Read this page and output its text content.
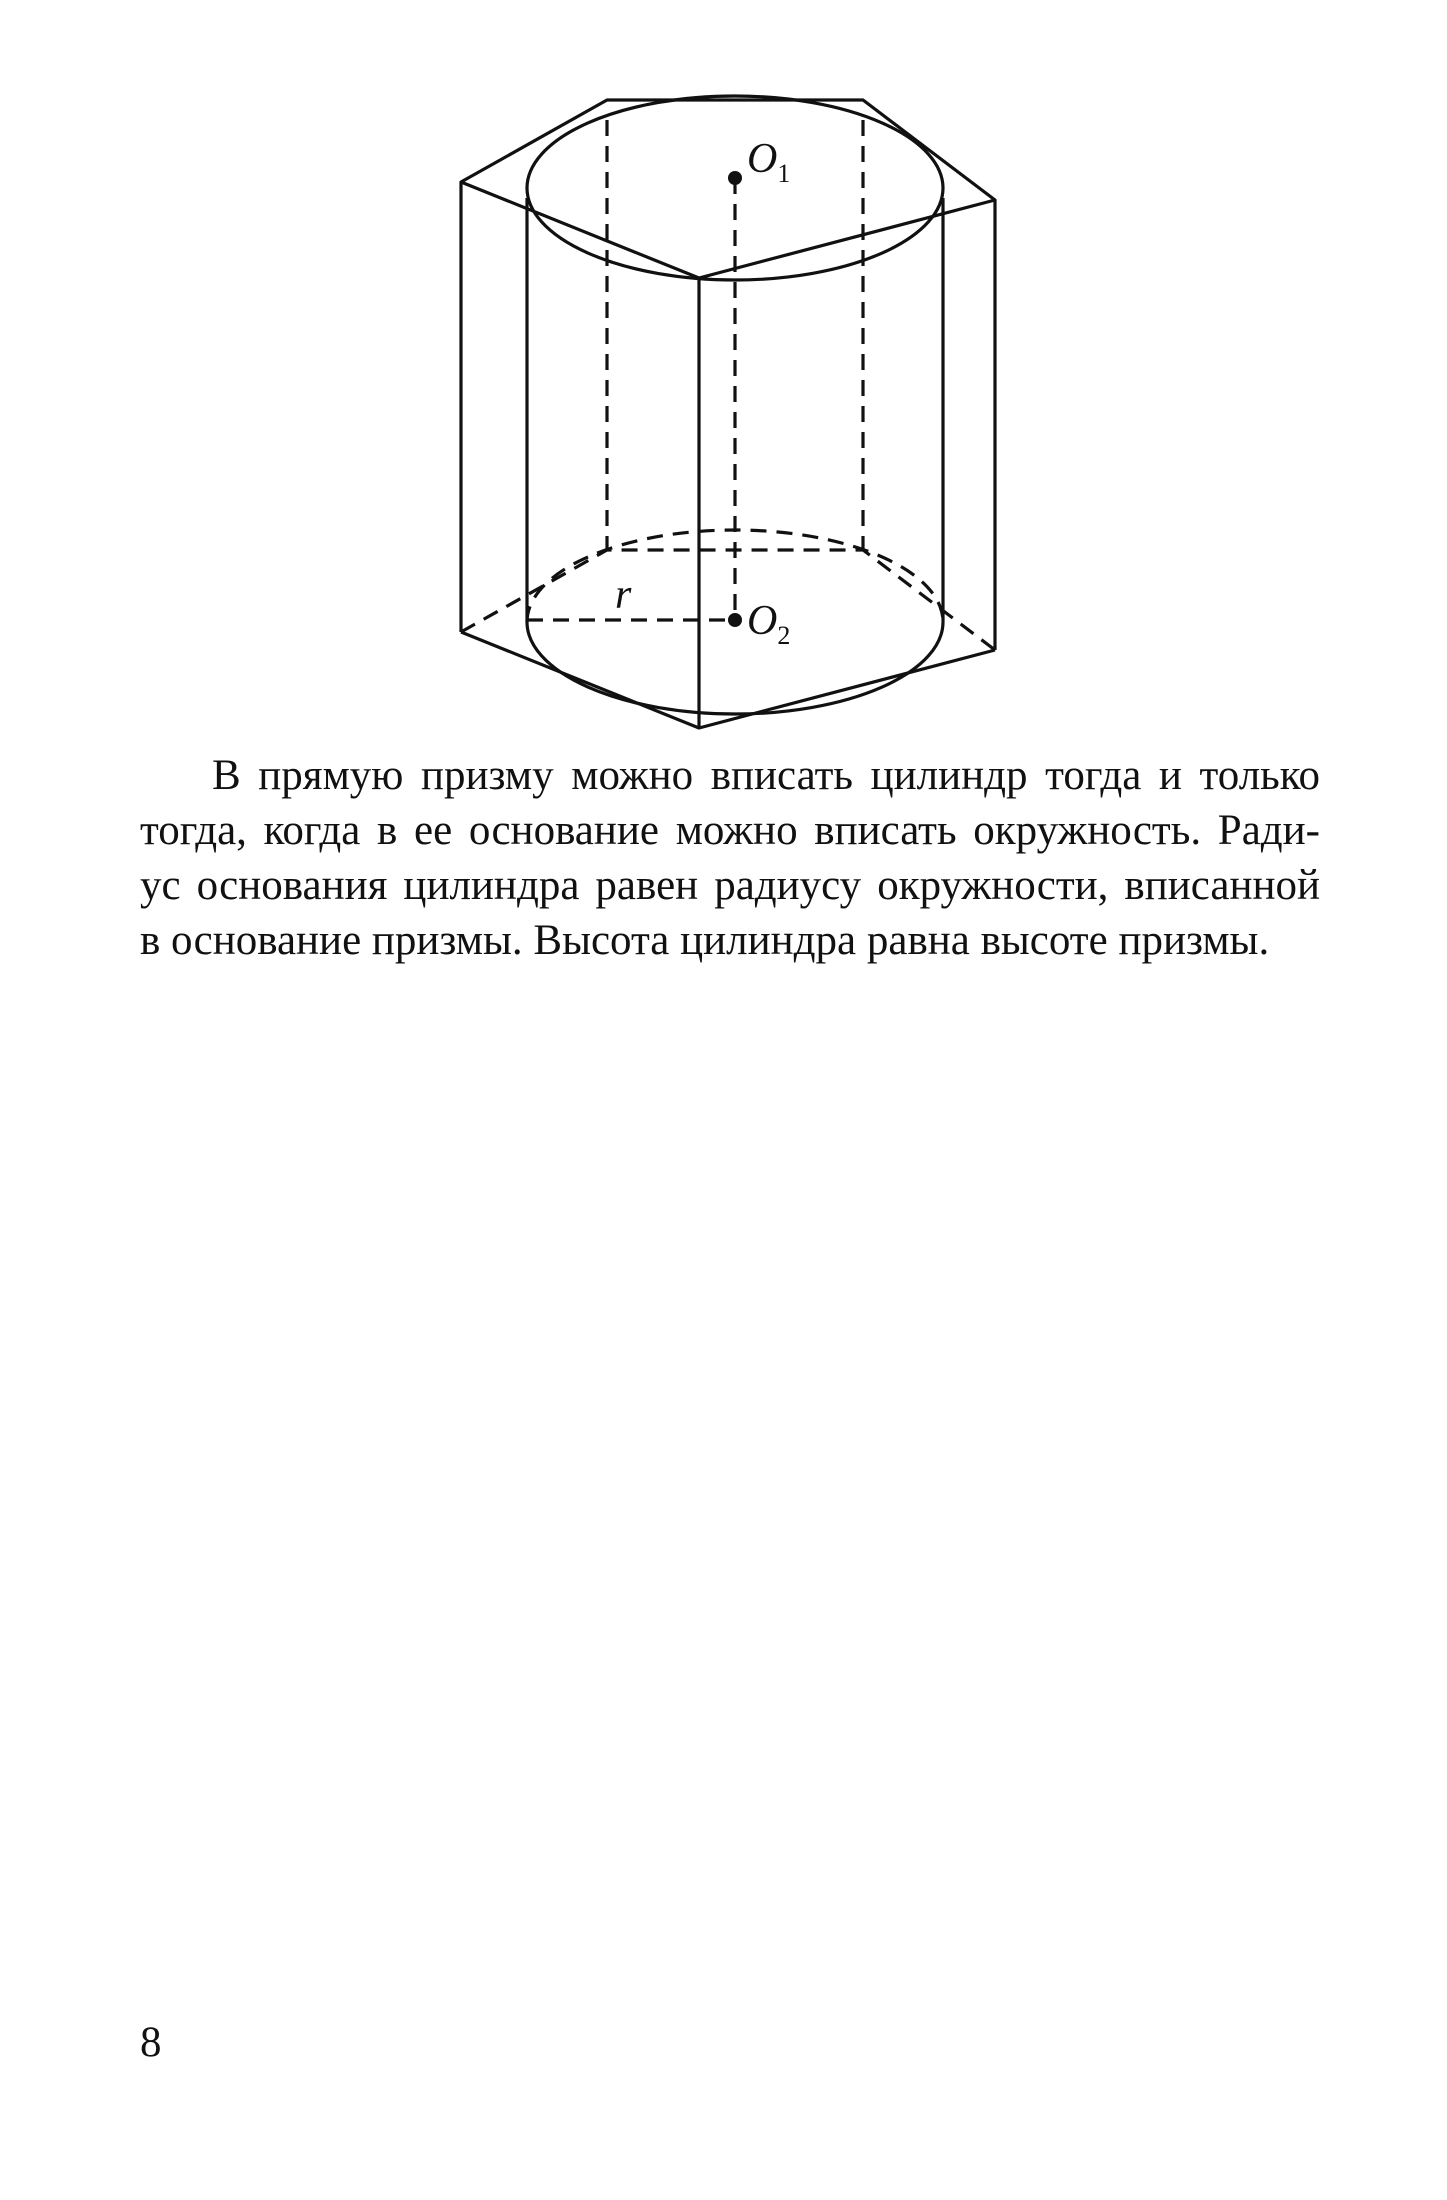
$O_1$
$O_2$
r

В прямую призму можно вписать цилиндр тогда и только
тогда, когда в ее основание можно вписать окружность. Ради-
ус основания цилиндра равен радиусу окружности, вписанной
в основание призмы. Высота цилиндра равна высоте призмы.

8
